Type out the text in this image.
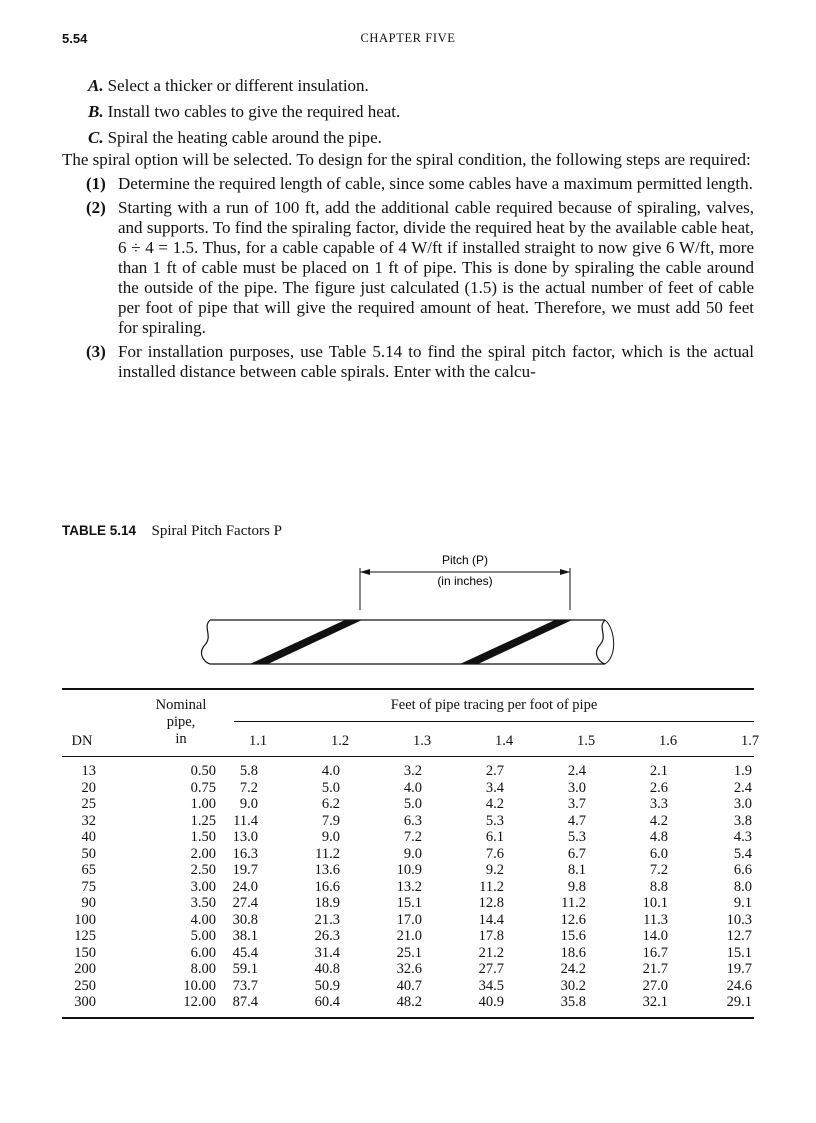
5.54	CHAPTER FIVE
A. Select a thicker or different insulation.
B. Install two cables to give the required heat.
C. Spiral the heating cable around the pipe.
The spiral option will be selected. To design for the spiral condition, the following steps are required:
(1) Determine the required length of cable, since some cables have a maximum permitted length.
(2) Starting with a run of 100 ft, add the additional cable required because of spiraling, valves, and supports. To find the spiraling factor, divide the required heat by the available cable heat, 6 ÷ 4 = 1.5. Thus, for a cable capable of 4 W/ft if installed straight to now give 6 W/ft, more than 1 ft of cable must be placed on 1 ft of pipe. This is done by spiraling the cable around the outside of the pipe. The figure just calculated (1.5) is the actual number of feet of cable per foot of pipe that will give the required amount of heat. Therefore, we must add 50 feet for spiraling.
(3) For installation purposes, use Table 5.14 to find the spiral pitch factor, which is the actual installed distance between cable spirals. Enter with the calcu-
TABLE 5.14 Spiral Pitch Factors P
Pitch (P)
(in inches)
Nominal
pipe,
in
Feet of pipe tracing per foot of pipe
DN	1.1	1.2	1.3	1.4	1.5	1.6	1.7
13	0.50	5.8	4.0	3.2	2.7	2.4	2.1	1.9
20	0.75	7.2	5.0	4.0	3.4	3.0	2.6	2.4
25	1.00	9.0	6.2	5.0	4.2	3.7	3.3	3.0
32	1.25	11.4	7.9	6.3	5.3	4.7	4.2	3.8
40	1.50	13.0	9.0	7.2	6.1	5.3	4.8	4.3
50	2.00	16.3	11.2	9.0	7.6	6.7	6.0	5.4
65	2.50	19.7	13.6	10.9	9.2	8.1	7.2	6.6
75	3.00	24.0	16.6	13.2	11.2	9.8	8.8	8.0
90	3.50	27.4	18.9	15.1	12.8	11.2	10.1	9.1
100	4.00	30.8	21.3	17.0	14.4	12.6	11.3	10.3
125	5.00	38.1	26.3	21.0	17.8	15.6	14.0	12.7
150	6.00	45.4	31.4	25.1	21.2	18.6	16.7	15.1
200	8.00	59.1	40.8	32.6	27.7	24.2	21.7	19.7
250	10.00	73.7	50.9	40.7	34.5	30.2	27.0	24.6
300	12.00	87.4	60.4	48.2	40.9	35.8	32.1	29.1
